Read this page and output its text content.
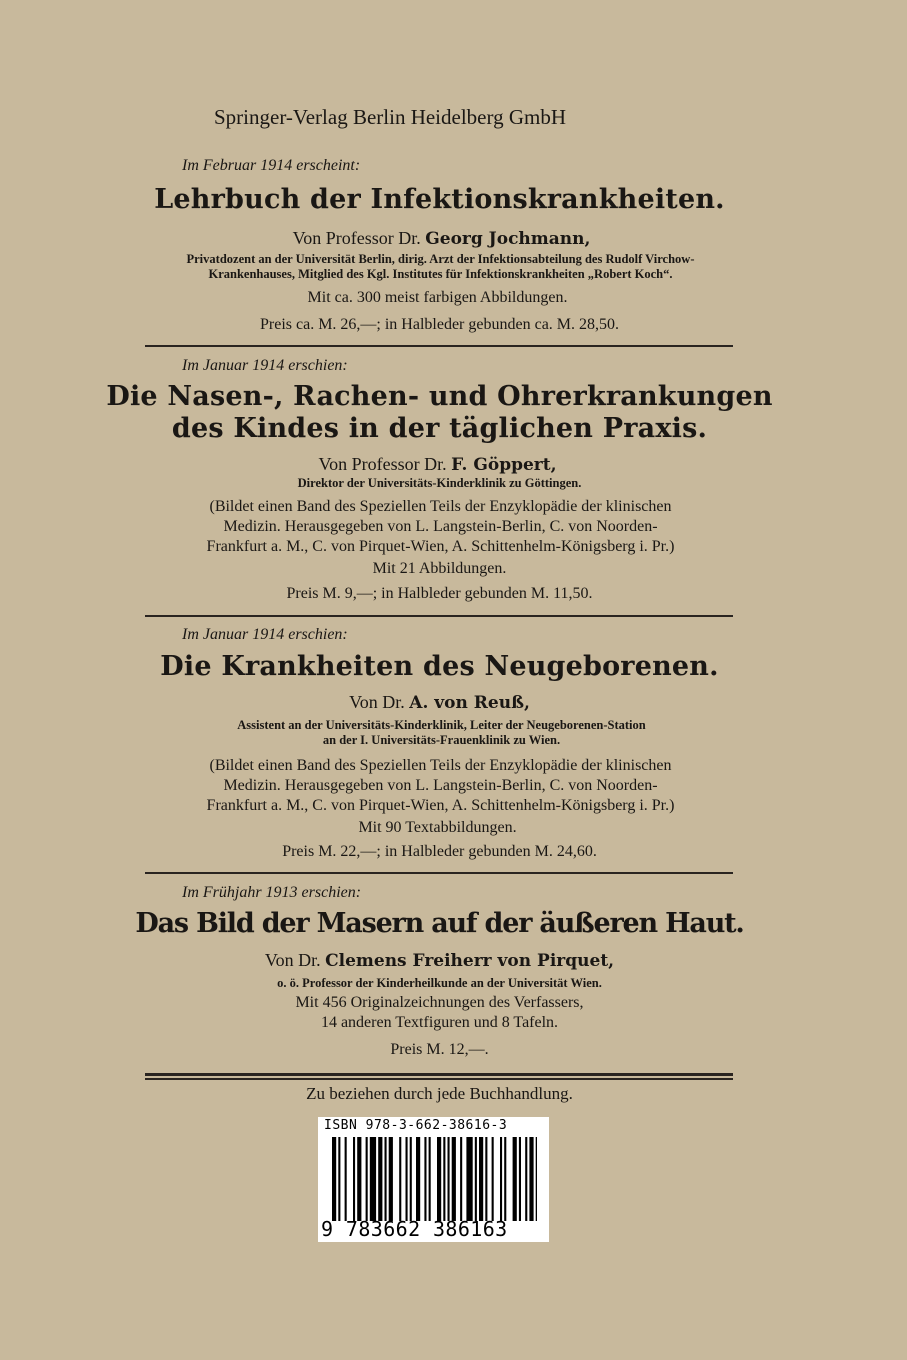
Springer-Verlag Berlin Heidelberg GmbH
Im Februar 1914 erscheint:
Lehrbuch der Infektionskrankheiten.
Von Professor Dr. Georg Jochmann,
Privatdozent an der Universität Berlin, dirig. Arzt der Infektionsabteilung des Rudolf Virchow-
Krankenhauses, Mitglied des Kgl. Institutes für Infektionskrankheiten „Robert Koch“.
Mit ca. 300 meist farbigen Abbildungen.
Preis ca. M. 26,—; in Halbleder gebunden ca. M. 28,50.
Im Januar 1914 erschien:
Die Nasen-, Rachen- und Ohrerkrankungen
des Kindes in der täglichen Praxis.
Von Professor Dr. F. Göppert,
Direktor der Universitäts-Kinderklinik zu Göttingen.
(Bildet einen Band des Speziellen Teils der Enzyklopädie der klinischen
Medizin. Herausgegeben von L. Langstein-Berlin, C. von Noorden-
Frankfurt a. M., C. von Pirquet-Wien, A. Schittenhelm-Königsberg i. Pr.)
Mit 21 Abbildungen.
Preis M. 9,—; in Halbleder gebunden M. 11,50.
Im Januar 1914 erschien:
Die Krankheiten des Neugeborenen.
Von Dr. A. von Reuß,
Assistent an der Universitäts-Kinderklinik, Leiter der Neugeborenen-Station
an der I. Universitäts-Frauenklinik zu Wien.
(Bildet einen Band des Speziellen Teils der Enzyklopädie der klinischen
Medizin. Herausgegeben von L. Langstein-Berlin, C. von Noorden-
Frankfurt a. M., C. von Pirquet-Wien, A. Schittenhelm-Königsberg i. Pr.)
Mit 90 Textabbildungen.
Preis M. 22,—; in Halbleder gebunden M. 24,60.
Im Frühjahr 1913 erschien:
Das Bild der Masern auf der äußeren Haut.
Von Dr. Clemens Freiherr von Pirquet,
o. ö. Professor der Kinderheilkunde an der Universität Wien.
Mit 456 Originalzeichnungen des Verfassers,
14 anderen Textfiguren und 8 Tafeln.
Preis M. 12,—.
Zu beziehen durch jede Buchhandlung.
ISBN 978-3-662-38616-3
9 783662 386163
